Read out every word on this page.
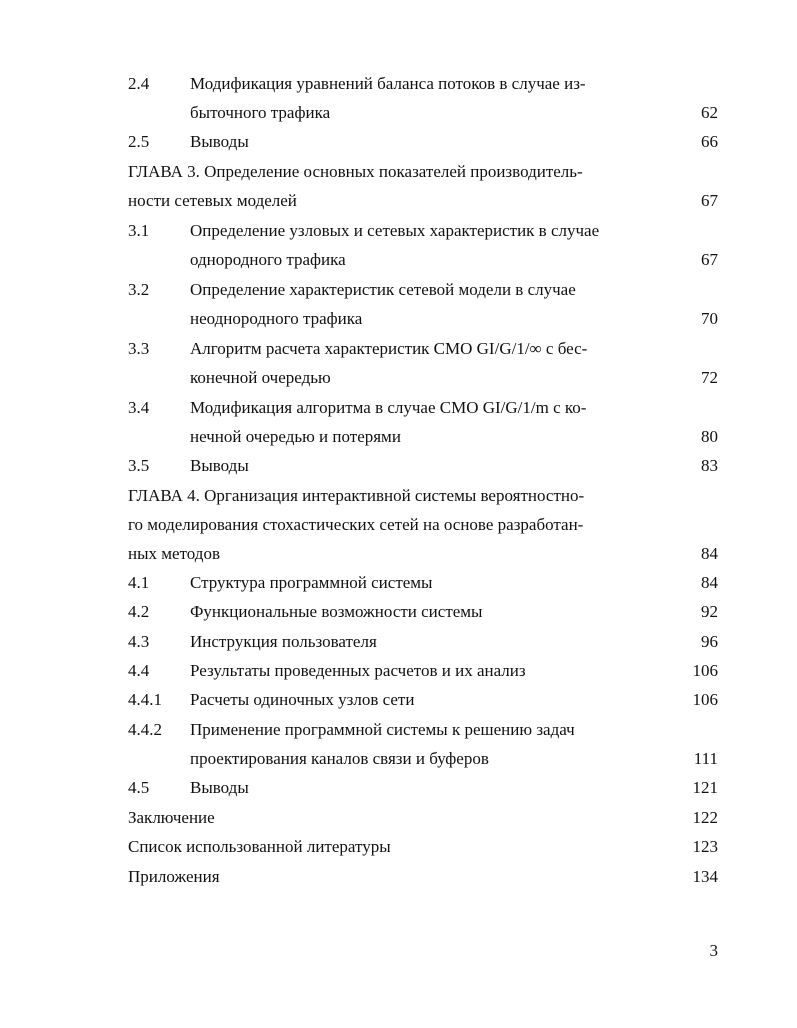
2.4 Модификация уравнений баланса потоков в случае из-
быточного трафика	62
2.5 Выводы	66
ГЛАВА 3. Определение основных показателей производитель-
ности сетевых моделей	67
3.1 Определение узловых и сетевых характеристик в случае
однородного трафика	67
3.2 Определение характеристик сетевой модели в случае
неоднородного трафика	70
3.3 Алгоритм расчета характеристик СМО GI/G/1/∞ с бес-
конечной очередью	72
3.4 Модификация алгоритма в случае СМО GI/G/1/m с ко-
нечной очередью и потерями	80
3.5 Выводы	83
ГЛАВА 4. Организация интерактивной системы вероятностно-
го моделирования стохастических сетей на основе разработан-
ных методов	84
4.1 Структура программной системы	84
4.2 Функциональные возможности системы	92
4.3 Инструкция пользователя	96
4.4 Результаты проведенных расчетов и их анализ	106
4.4.1 Расчеты одиночных узлов сети	106
4.4.2 Применение программной системы к решению задач
проектирования каналов связи и буферов	111
4.5 Выводы	121
Заключение	122
Список использованной литературы	123
Приложения	134
3
